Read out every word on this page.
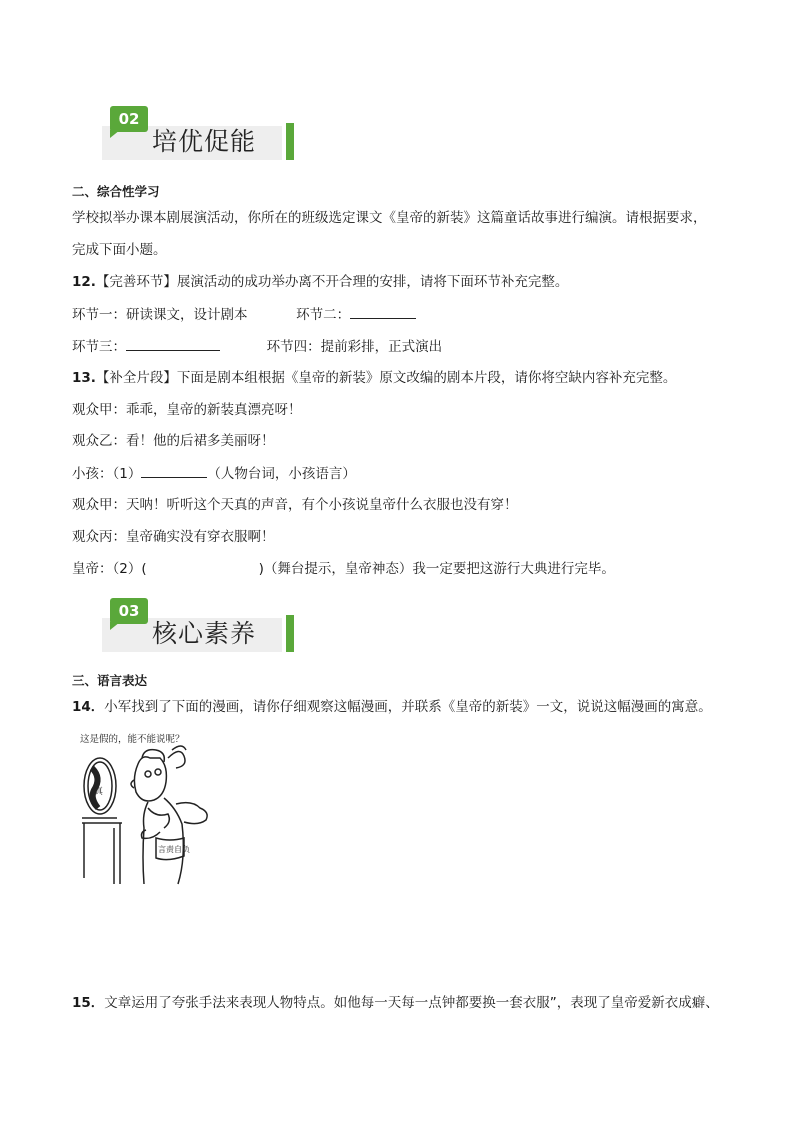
02
培优促能
二、综合性学习
学校拟举办课本剧展演活动，你所在的班级选定课文《皇帝的新装》这篇童话故事进行编演。请根据要求，
完成下面小题。
12.【完善环节】展演活动的成功举办离不开合理的安排，请将下面环节补充完整。
环节一：研读课文，设计剧本	环节二：
环节三：	环节四：提前彩排，正式演出
13.【补全片段】下面是剧本组根据《皇帝的新装》原文改编的剧本片段，请你将空缺内容补充完整。
观众甲：乖乖，皇帝的新装真漂亮呀！
观众乙：看！他的后裙多美丽呀！
小孩：（1）	（人物台词，小孩语言）
观众甲：天呐！听听这个天真的声音，有个小孩说皇帝什么衣服也没有穿！
观众丙：皇帝确实没有穿衣服啊！
皇帝：（2）(	)（舞台提示，皇帝神态）我一定要把这游行大典进行完毕。
03
核心素养
三、语言表达
14．小军找到了下面的漫画，请你仔细观察这幅漫画，并联系《皇帝的新装》一文，说说这幅漫画的寓意。
这是假的，能不能说呢？
真
言责自负
15．文章运用了夸张手法来表现人物特点。如他每一天每一点钟都要换一套衣服”，表现了皇帝爱新衣成癖、
